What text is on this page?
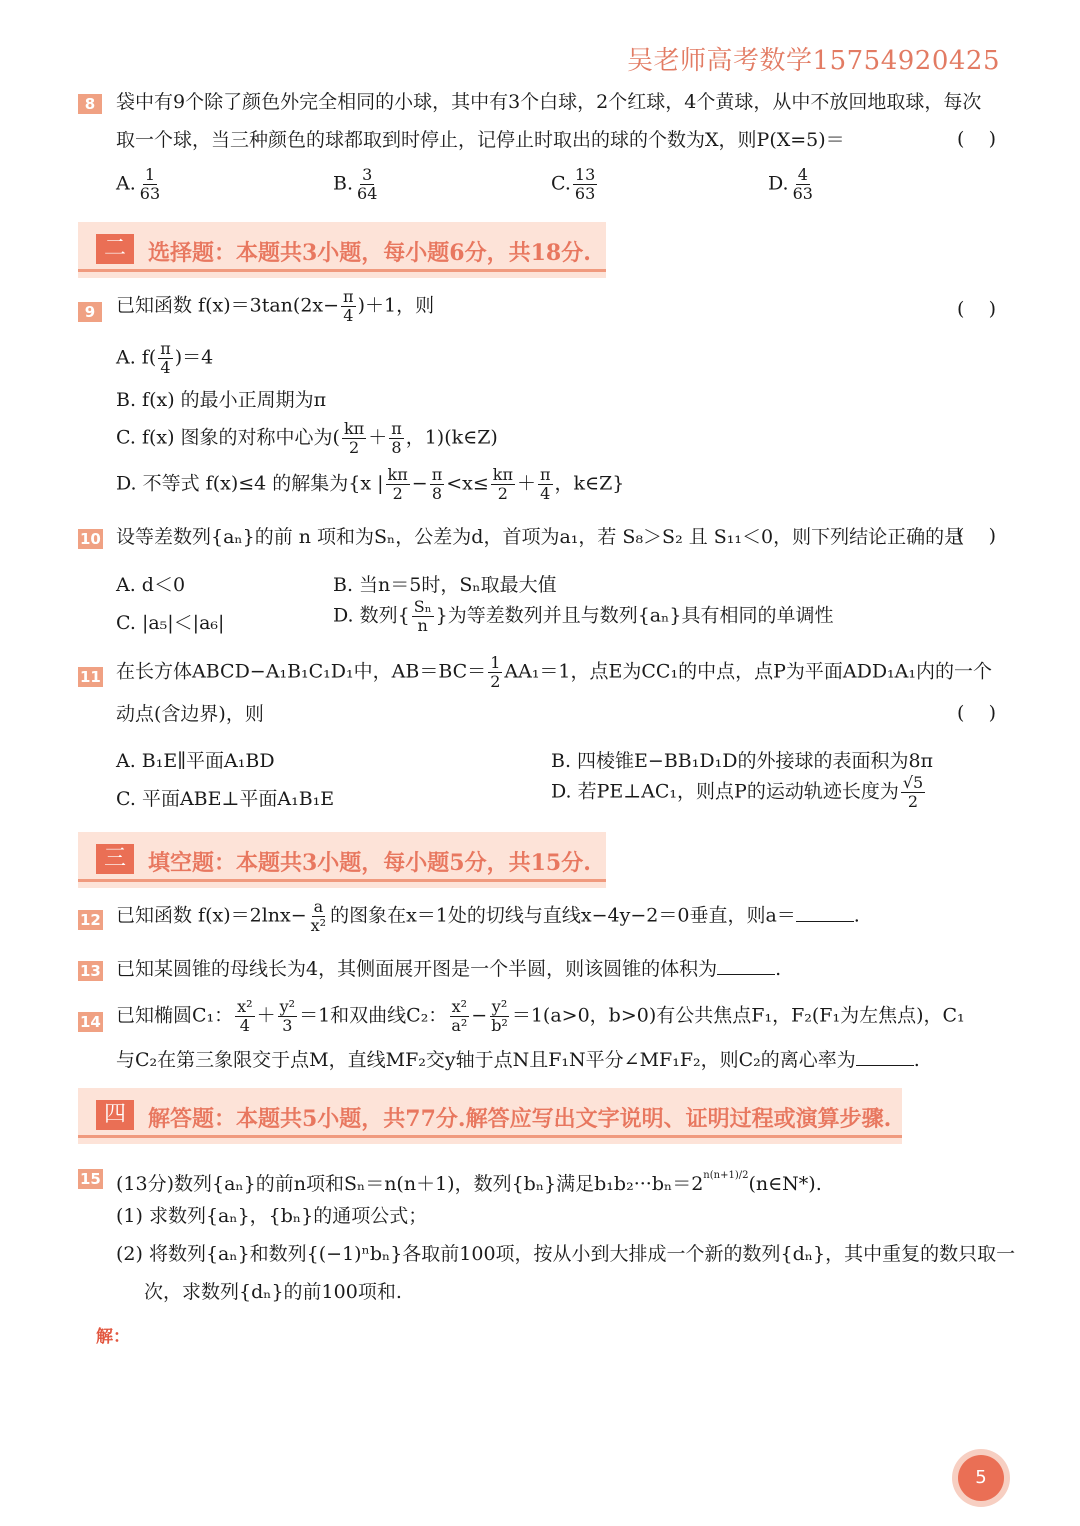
吴老师高考数学15754920425
8	袋中有9个除了颜色外完全相同的小球，其中有3个白球，2个红球，4个黄球，从中不放回地取球，每次
取一个球，当三种颜色的球都取到时停止，记停止时取出的球的个数为X，则P(X=5)＝	(    )
A. $\frac{1}{63}$	B. $\frac{3}{64}$	C. $\frac{13}{63}$	D. $\frac{4}{63}$
二	选择题：本题共3小题，每小题6分，共18分.
9	已知函数 $f(x)=3\tan(2x- \frac{\pi}{4} )+1$，则	(    )
A. $f( \frac{\pi}{4} )=4$
B. f(x) 的最小正周期为π
C. f(x) 图象的对称中心为( $\frac{k\pi}{2} + \frac{\pi}{8}$ ，1)(k∈Z)
D. 不等式 f(x)≤4 的解集为{x | $\frac{k\pi}{2} - \frac{\pi}{8} <x\le \frac{k\pi}{2} + \frac{\pi}{4}$ ，k∈Z}
10 设等差数列{aₙ}的前 n 项和为Sₙ，公差为d，首项为a₁，若 S₈＞S₂ 且 S₁₁＜0，则下列结论正确的是
(    )
A. d＜0	B. 当n＝5时，Sₙ取最大值
C. |a₅|＜|a₆|	D. 数列{ $\frac{\text{Sₙ}}{n}$ }为等差数列并且与数列{aₙ}具有相同的单调性
11 在长方体ABCD−A₁B₁C₁D₁中，$AB=BC= \frac{1}{2} AA_1=1$，点E为CC₁的中点，点P为平面ADD₁A₁内的一个
动点(含边界)，则	(    )
A. B₁E∥平面A₁BD	B. 四棱锥E−BB₁D₁D的外接球的表面积为8π
C. 平面ABE⊥平面A₁B₁E	D. 若PE⊥AC₁，则点P的运动轨迹长度为 $\frac{√5}{2}$
三	填空题：本题共3小题，每小题5分，共15分.
12 已知函数 $f(x)=2\ln x- \frac{a}{\text{x²}}$ 的图象在x＝1处的切线与直线x−4y−2＝0垂直，则a＝	.
13 已知某圆锥的母线长为4，其侧面展开图是一个半圆，则该圆锥的体积为	.
14 已知椭圆C₁： $\frac{\text{x²}}{4} + \frac{\text{y²}}{3} =1$和双曲线C₂： $\frac{\text{x²}}{\text{a²}} - \frac{\text{y²}}{\text{b²}} =1(a>0$，b>0)有公共焦点F₁，F₂(F₁为左焦点)，C₁
与C₂在第三象限交于点M，直线MF₂交y轴于点N且F₁N平分∠MF₁F₂，则C₂的离心率为	.
四	解答题：本题共5小题，共77分.解答应写出文字说明、证明过程或演算步骤.
15 (13分)数列{aₙ}的前n项和Sₙ＝n(n＋1)，数列{bₙ}满足$b_1b_2\cdot\cdot\cdot b_n=2^{n(n+1)/2}(n\in N*)$.
(1) 求数列{aₙ}，{bₙ}的通项公式；
(2) 将数列{aₙ}和数列{(−1)ⁿbₙ}各取前100项，按从小到大排成一个新的数列{dₙ}，其中重复的数只取一
次，求数列{dₙ}的前100项和.
解：
5
